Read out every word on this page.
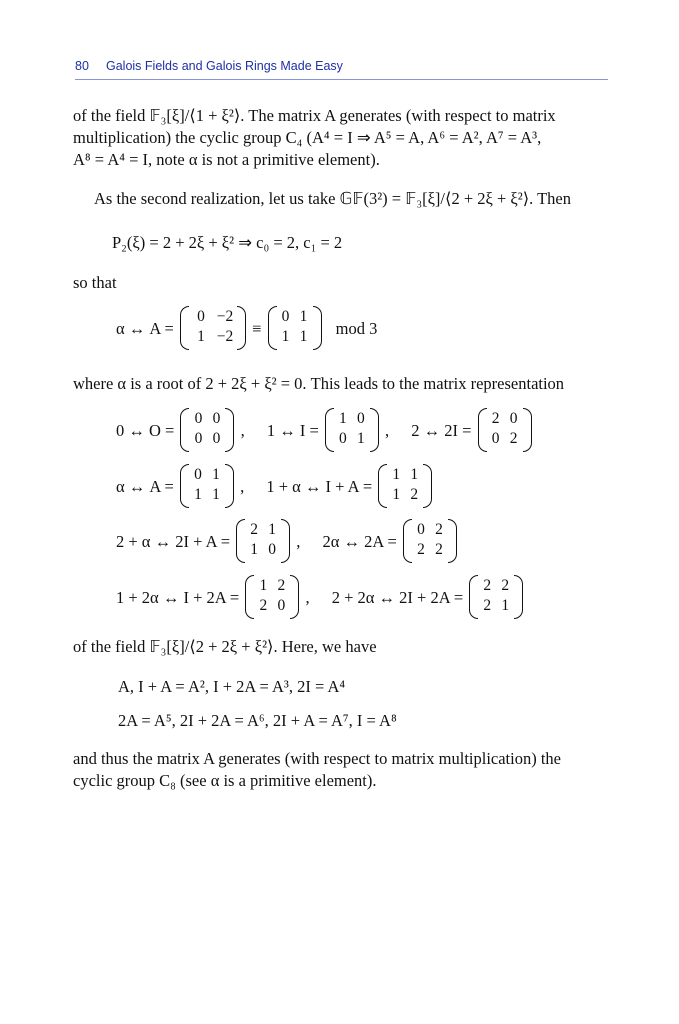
80 Galois Fields and Galois Rings Made Easy
of the field 𝔽₃[ξ]/⟨1 + ξ²⟩. The matrix A generates (with respect to matrix
multiplication) the cyclic group C₄ (A⁴ = I ⇒ A⁵ = A, A⁶ = A², A⁷ = A³,
A⁸ = A⁴ = I, note α is not a primitive element).
As the second realization, let us take 𝔾𝔽(3²) = 𝔽₃[ξ]/⟨2 + 2ξ + ξ²⟩. Then
P₂(ξ) = 2 + 2ξ + ξ² ⇒ c₀ = 2, c₁ = 2
so that
α ↔ A =
0 −2
1 −2 ≡
0 1
1 1	mod 3
where α is a root of 2 + 2ξ + ξ² = 0. This leads to the matrix representation
0 ↔ O =
0 0
0 0	, 1 ↔ I =
1 0
0 1	, 2 ↔ 2I =
2 0
0 2
α ↔ A =
0 1
1 1	, 1 + α ↔ I + A =
1 1
1 2
2 + α ↔ 2I + A =
2 1
1 0	, 2α ↔ 2A =
0 2
2 2
1 + 2α ↔ I + 2A =
1 2
2 0	, 2 + 2α ↔ 2I + 2A =
2 2
2 1
of the field 𝔽₃[ξ]/⟨2 + 2ξ + ξ²⟩. Here, we have
A, I + A = A², I + 2A = A³, 2I = A⁴
2A = A⁵, 2I + 2A = A⁶, 2I + A = A⁷, I = A⁸
and thus the matrix A generates (with respect to matrix multiplication) the
cyclic group C₈ (see α is a primitive element).
